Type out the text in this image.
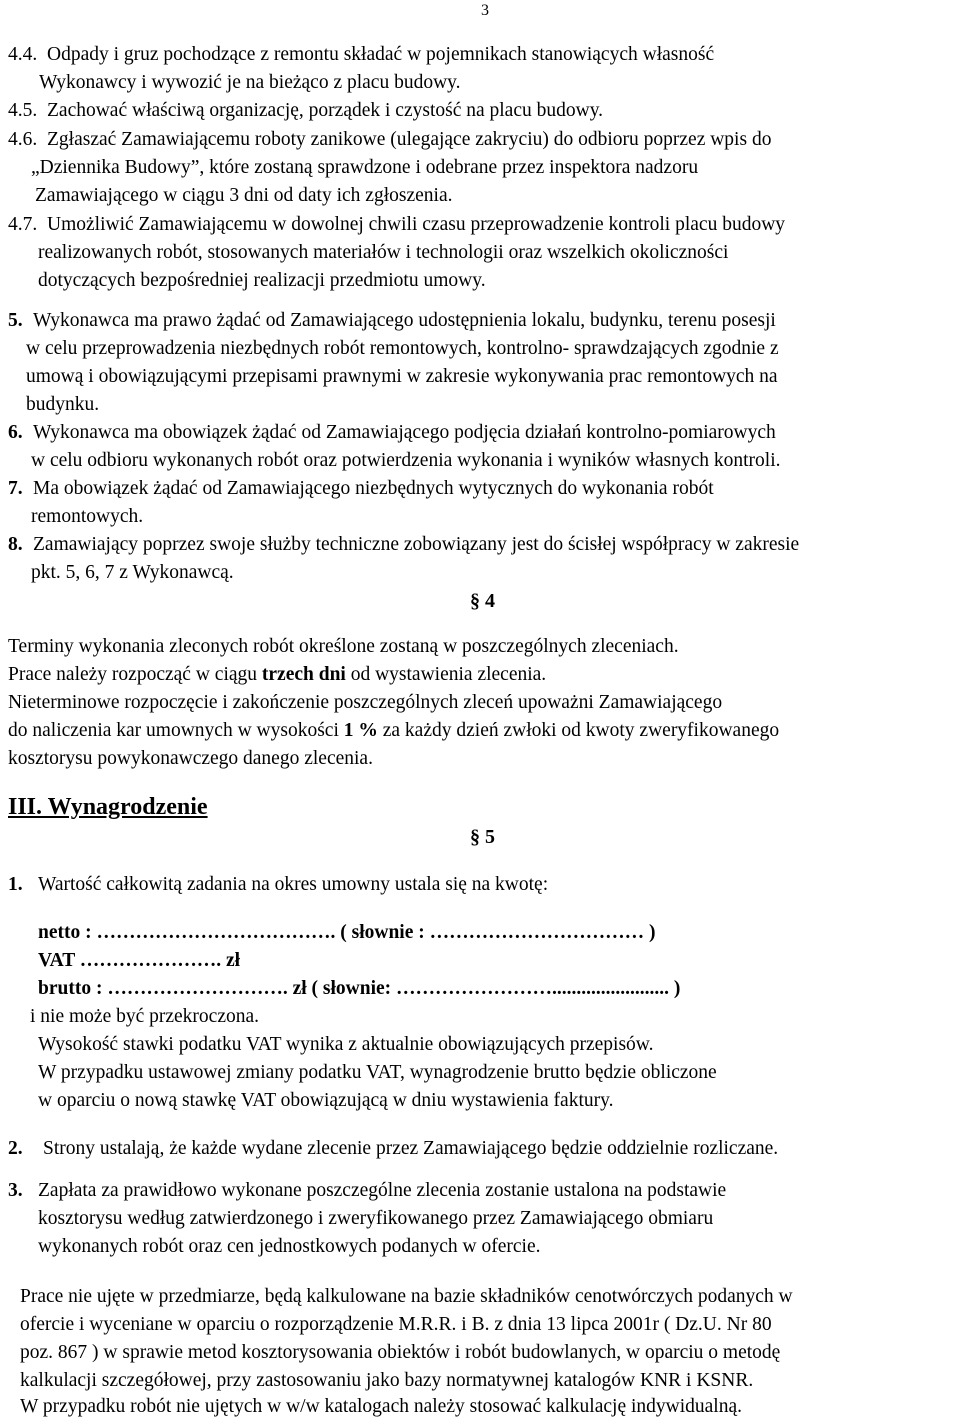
3
4.4. Odpady i gruz pochodzące z remontu składać w pojemnikach stanowiących własność
Wykonawcy i wywozić je na bieżąco z placu budowy.
4.5. Zachować właściwą organizację, porządek i czystość na placu budowy.
4.6. Zgłaszać Zamawiającemu roboty zanikowe (ulegające zakryciu) do odbioru poprzez wpis do
„Dziennika Budowy”, które zostaną sprawdzone i odebrane przez inspektora nadzoru
Zamawiającego w ciągu 3 dni od daty ich zgłoszenia.
4.7. Umożliwić Zamawiającemu w dowolnej chwili czasu przeprowadzenie kontroli placu budowy
realizowanych robót, stosowanych materiałów i technologii oraz wszelkich okoliczności
dotyczących bezpośredniej realizacji przedmiotu umowy.
5. Wykonawca ma prawo żądać od Zamawiającego udostępnienia lokalu, budynku, terenu posesji
w celu przeprowadzenia niezbędnych robót remontowych, kontrolno- sprawdzających zgodnie z
umową i obowiązującymi przepisami prawnymi w zakresie wykonywania prac remontowych na
budynku.
6. Wykonawca ma obowiązek żądać od Zamawiającego podjęcia działań kontrolno-pomiarowych
w celu odbioru wykonanych robót oraz potwierdzenia wykonania i wyników własnych kontroli.
7. Ma obowiązek żądać od Zamawiającego niezbędnych wytycznych do wykonania robót
remontowych.
8. Zamawiający poprzez swoje służby techniczne zobowiązany jest do ścisłej współpracy w zakresie
pkt. 5, 6, 7 z Wykonawcą.
§ 4
Terminy wykonania zleconych robót określone zostaną w poszczególnych zleceniach.
Prace należy rozpocząć w ciągu trzech dni od wystawienia zlecenia.
Nieterminowe rozpoczęcie i zakończenie poszczególnych zleceń upoważni Zamawiającego
do naliczenia kar umownych w wysokości 1 % za każdy dzień zwłoki od kwoty zweryfikowanego
kosztorysu powykonawczego danego zlecenia.
III. Wynagrodzenie
§ 5
1. Wartość całkowitą zadania na okres umowny ustala się na kwotę:
netto : ………………………………. ( słownie : …………………………… )
VAT …………………. zł
brutto : ………………………. zł ( słownie: ……………………........................ )
i nie może być przekroczona.
Wysokość stawki podatku VAT wynika z aktualnie obowiązujących przepisów.
W przypadku ustawowej zmiany podatku VAT, wynagrodzenie brutto będzie obliczone
w oparciu o nową stawkę VAT obowiązującą w dniu wystawienia faktury.
2. Strony ustalają, że każde wydane zlecenie przez Zamawiającego będzie oddzielnie rozliczane.
3. Zapłata za prawidłowo wykonane poszczególne zlecenia zostanie ustalona na podstawie
kosztorysu według zatwierdzonego i zweryfikowanego przez Zamawiającego obmiaru
wykonanych robót oraz cen jednostkowych podanych w ofercie.
Prace nie ujęte w przedmiarze, będą kalkulowane na bazie składników cenotwórczych podanych w
ofercie i wyceniane w oparciu o rozporządzenie M.R.R. i B. z dnia 13 lipca 2001r ( Dz.U. Nr 80
poz. 867 ) w sprawie metod kosztorysowania obiektów i robót budowlanych, w oparciu o metodę
kalkulacji szczegółowej, przy zastosowaniu jako bazy normatywnej katalogów KNR i KSNR.
W przypadku robót nie ujętych w w/w katalogach należy stosować kalkulację indywidualną.
